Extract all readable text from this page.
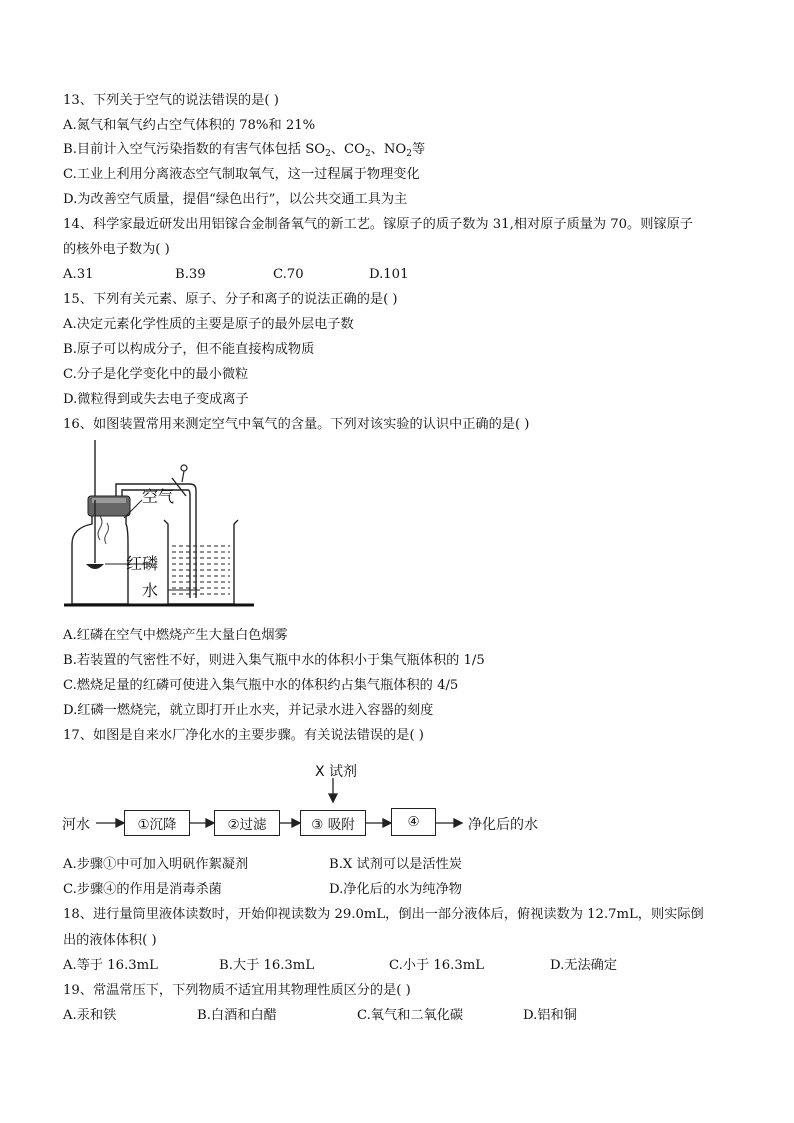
13、下列关于空气的说法错误的是( )
A.氮气和氧气约占空气体积的 78%和 21%
B.目前计入空气污染指数的有害气体包括 $SO_2$、$CO_2$、$NO_2$等
C.工业上利用分离液态空气制取氧气，这一过程属于物理变化
D.为改善空气质量，提倡“绿色出行”，以公共交通工具为主
14、科学家最近研发出用铝镓合金制备氧气的新工艺。镓原子的质子数为 31,相对原子质量为 70。则镓原子
的核外电子数为( )
A.31	B.39	C.70	D.101
15、下列有关元素、原子、分子和离子的说法正确的是( )
A.决定元素化学性质的主要是原子的最外层电子数
B.原子可以构成分子，但不能直接构成物质
C.分子是化学变化中的最小微粒
D.微粒得到或失去电子变成离子
16、如图装置常用来测定空气中氧气的含量。下列对该实验的认识中正确的是( )
空气
红磷
水
A.红磷在空气中燃烧产生大量白色烟雾
B.若装置的气密性不好，则进入集气瓶中水的体积小于集气瓶体积的 1/5
C.燃烧足量的红磷可使进入集气瓶中水的体积约占集气瓶体积的 4/5
D.红磷一燃烧完，就立即打开止水夹，并记录水进入容器的刻度
17、如图是自来水厂净化水的主要步骤。有关说法错误的是( )
X 试剂
河水	①沉降	②过滤	③ 吸附	④	净化后的水
A.步骤①中可加入明矾作絮凝剂	B.X 试剂可以是活性炭
C.步骤④的作用是消毒杀菌	D.净化后的水为纯净物
18、进行量筒里液体读数时，开始仰视读数为 29.0mL，倒出一部分液体后，俯视读数为 12.7mL，则实际倒
出的液体体积( )
A.等于 16.3mL	B.大于 16.3mL	C.小于 16.3mL	D.无法确定
19、常温常压下，下列物质不适宜用其物理性质区分的是( )
A.汞和铁	B.白酒和白醋	C.氧气和二氧化碳	D.铝和铜
